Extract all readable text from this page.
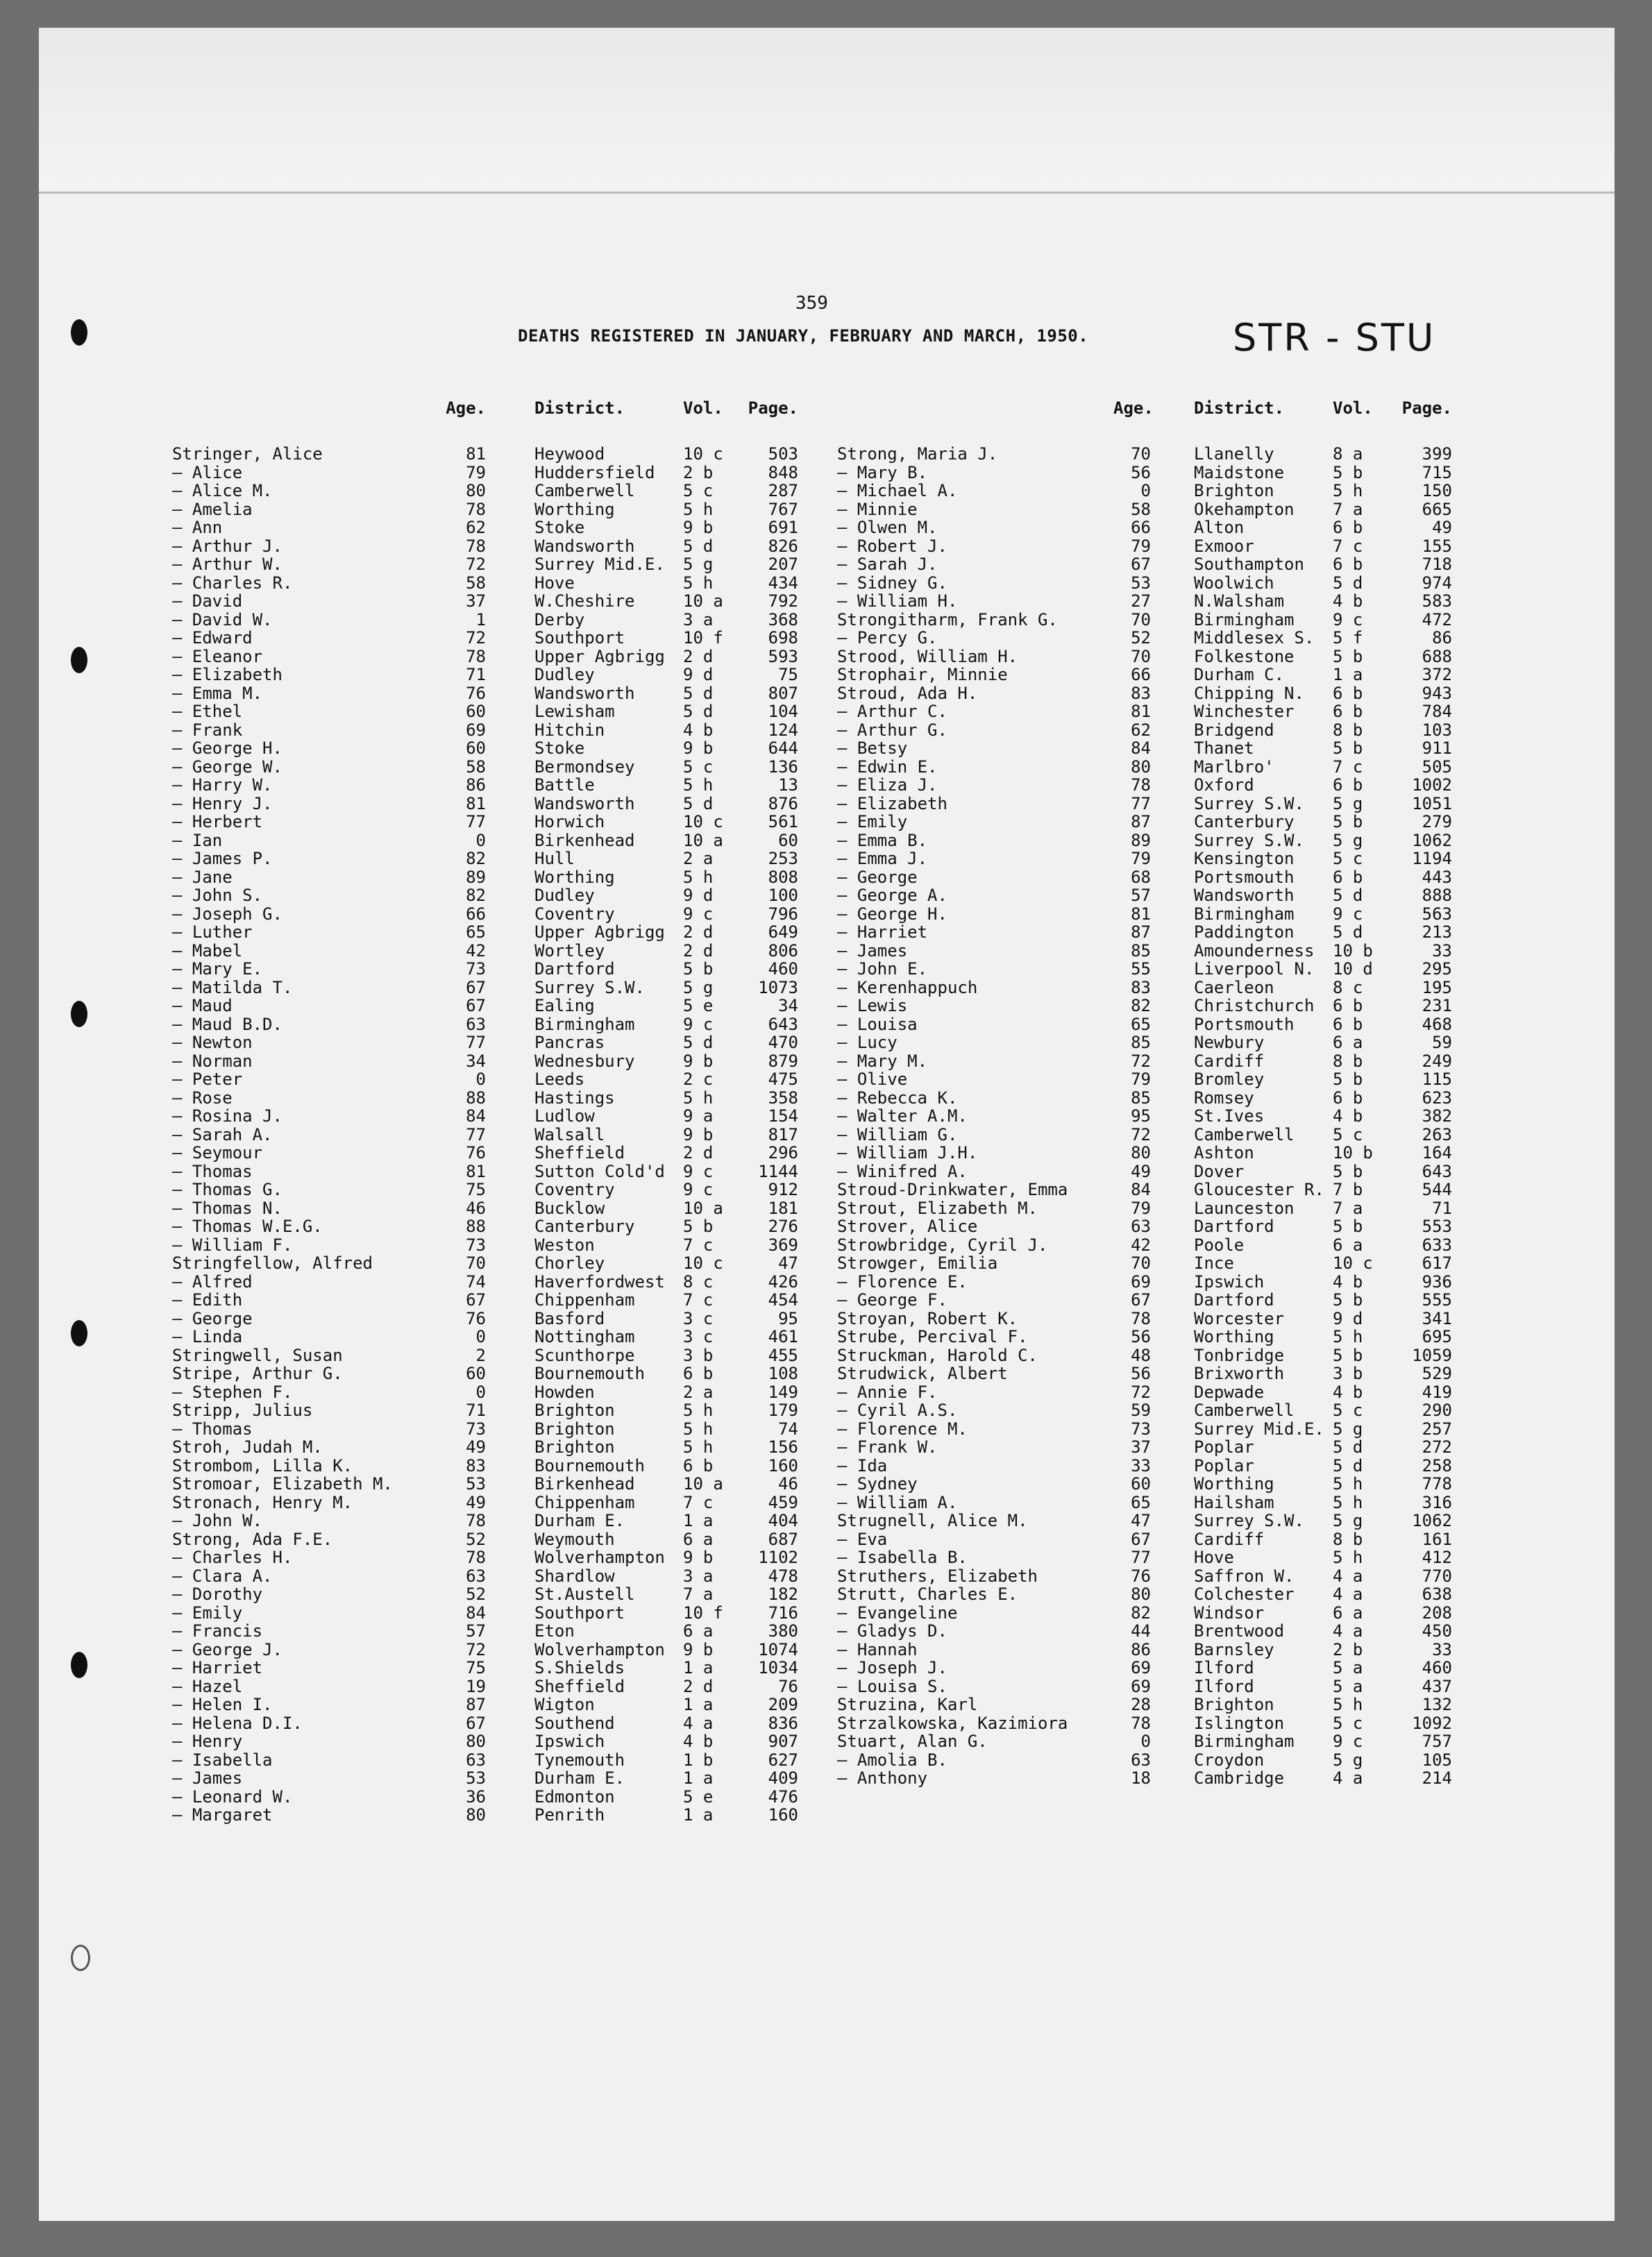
359
DEATHS REGISTERED IN JANUARY, FEBRUARY AND MARCH, 1950.	STR - STU
Age.	District.	Vol.	Page.
Stringer, Alice	81	Heywood	10 c	503
— Alice	79	Huddersfield	2 b	848
— Alice M.	80	Camberwell	5 c	287
— Amelia	78	Worthing	5 h	767
— Ann	62	Stoke	9 b	691
— Arthur J.	78	Wandsworth	5 d	826
— Arthur W.	72	Surrey Mid.E.	5 g	207
— Charles R.	58	Hove	5 h	434
— David	37	W.Cheshire	10 a	792
— David W.	1	Derby	3 a	368
— Edward	72	Southport	10 f	698
— Eleanor	78	Upper Agbrigg	2 d	593
— Elizabeth	71	Dudley	9 d	75
— Emma M.	76	Wandsworth	5 d	807
— Ethel	60	Lewisham	5 d	104
— Frank	69	Hitchin	4 b	124
— George H.	60	Stoke	9 b	644
— George W.	58	Bermondsey	5 c	136
— Harry W.	86	Battle	5 h	13
— Henry J.	81	Wandsworth	5 d	876
— Herbert	77	Horwich	10 c	561
— Ian	0	Birkenhead	10 a	60
— James P.	82	Hull	2 a	253
— Jane	89	Worthing	5 h	808
— John S.	82	Dudley	9 d	100
— Joseph G.	66	Coventry	9 c	796
— Luther	65	Upper Agbrigg	2 d	649
— Mabel	42	Wortley	2 d	806
— Mary E.	73	Dartford	5 b	460
— Matilda T.	67	Surrey S.W.	5 g	1073
— Maud	67	Ealing	5 e	34
— Maud B.D.	63	Birmingham	9 c	643
— Newton	77	Pancras	5 d	470
— Norman	34	Wednesbury	9 b	879
— Peter	0	Leeds	2 c	475
— Rose	88	Hastings	5 h	358
— Rosina J.	84	Ludlow	9 a	154
— Sarah A.	77	Walsall	9 b	817
— Seymour	76	Sheffield	2 d	296
— Thomas	81	Sutton Cold'd	9 c	1144
— Thomas G.	75	Coventry	9 c	912
— Thomas N.	46	Bucklow	10 a	181
— Thomas W.E.G.	88	Canterbury	5 b	276
— William F.	73	Weston	7 c	369
Stringfellow, Alfred	70	Chorley	10 c	47
— Alfred	74	Haverfordwest	8 c	426
— Edith	67	Chippenham	7 c	454
— George	76	Basford	3 c	95
— Linda	0	Nottingham	3 c	461
Stringwell, Susan	2	Scunthorpe	3 b	455
Stripe, Arthur G.	60	Bournemouth	6 b	108
— Stephen F.	0	Howden	2 a	149
Stripp, Julius	71	Brighton	5 h	179
— Thomas	73	Brighton	5 h	74
Stroh, Judah M.	49	Brighton	5 h	156
Strombom, Lilla K.	83	Bournemouth	6 b	160
Stromoar, Elizabeth M.	53	Birkenhead	10 a	46
Stronach, Henry M.	49	Chippenham	7 c	459
— John W.	78	Durham E.	1 a	404
Strong, Ada F.E.	52	Weymouth	6 a	687
— Charles H.	78	Wolverhampton	9 b	1102
— Clara A.	63	Shardlow	3 a	478
— Dorothy	52	St.Austell	7 a	182
— Emily	84	Southport	10 f	716
— Francis	57	Eton	6 a	380
— George J.	72	Wolverhampton	9 b	1074
— Harriet	75	S.Shields	1 a	1034
— Hazel	19	Sheffield	2 d	76
— Helen I.	87	Wigton	1 a	209
— Helena D.I.	67	Southend	4 a	836
— Henry	80	Ipswich	4 b	907
— Isabella	63	Tynemouth	1 b	627
— James	53	Durham E.	1 a	409
— Leonard W.	36	Edmonton	5 e	476
— Margaret	80	Penrith	1 a	160
Age. District.	Vol.	Page.
Strong, Maria J.	70	Llanelly	8 a	399
— Mary B.	56	Maidstone	5 b	715
— Michael A.	0	Brighton	5 h	150
— Minnie	58	Okehampton	7 a	665
— Olwen M.	66	Alton	6 b	49
— Robert J.	79	Exmoor	7 c	155
— Sarah J.	67	Southampton	6 b	718
— Sidney G.	53	Woolwich	5 d	974
— William H.	27	N.Walsham	4 b	583
Strongitharm, Frank G.	70	Birmingham	9 c	472
— Percy G.	52	Middlesex S.	5 f	86
Strood, William H.	70	Folkestone	5 b	688
Strophair, Minnie	66	Durham C.	1 a	372
Stroud, Ada H.	83	Chipping N.	6 b	943
— Arthur C.	81	Winchester	6 b	784
— Arthur G.	62	Bridgend	8 b	103
— Betsy	84	Thanet	5 b	911
— Edwin E.	80	Marlbro'	7 c	505
— Eliza J.	78	Oxford	6 b	1002
— Elizabeth	77	Surrey S.W.	5 g	1051
— Emily	87	Canterbury	5 b	279
— Emma B.	89	Surrey S.W.	5 g	1062
— Emma J.	79	Kensington	5 c	1194
— George	68	Portsmouth	6 b	443
— George A.	57	Wandsworth	5 d	888
— George H.	81	Birmingham	9 c	563
— Harriet	87	Paddington	5 d	213
— James	85	Amounderness	10 b	33
— John E.	55	Liverpool N.	10 d	295
— Kerenhappuch	83	Caerleon	8 c	195
— Lewis	82	Christchurch	6 b	231
— Louisa	65	Portsmouth	6 b	468
— Lucy	85	Newbury	6 a	59
— Mary M.	72	Cardiff	8 b	249
— Olive	79	Bromley	5 b	115
— Rebecca K.	85	Romsey	6 b	623
— Walter A.M.	95	St.Ives	4 b	382
— William G.	72	Camberwell	5 c	263
— William J.H.	80	Ashton	10 b	164
— Winifred A.	49	Dover	5 b	643
Stroud-Drinkwater, Emma	84	Gloucester R. 7 b	544
Strout, Elizabeth M.	79	Launceston	7 a	71
Strover, Alice	63	Dartford	5 b	553
Strowbridge, Cyril J.	42	Poole	6 a	633
Strowger, Emilia	70	Ince	10 c	617
— Florence E.	69	Ipswich	4 b	936
— George F.	67	Dartford	5 b	555
Stroyan, Robert K.	78	Worcester	9 d	341
Strube, Percival F.	56	Worthing	5 h	695
Struckman, Harold C.	48	Tonbridge	5 b	1059
Strudwick, Albert	56	Brixworth	3 b	529
— Annie F.	72	Depwade	4 b	419
— Cyril A.S.	59	Camberwell	5 c	290
— Florence M.	73	Surrey Mid.E. 5 g	257
— Frank W.	37	Poplar	5 d	272
— Ida	33	Poplar	5 d	258
— Sydney	60	Worthing	5 h	778
— William A.	65	Hailsham	5 h	316
Strugnell, Alice M.	47	Surrey S.W.	5 g	1062
— Eva	67	Cardiff	8 b	161
— Isabella B.	77	Hove	5 h	412
Struthers, Elizabeth	76	Saffron W.	4 a	770
Strutt, Charles E.	80	Colchester	4 a	638
— Evangeline	82	Windsor	6 a	208
— Gladys D.	44	Brentwood	4 a	450
— Hannah	86	Barnsley	2 b	33
— Joseph J.	69	Ilford	5 a	460
— Louisa S.	69	Ilford	5 a	437
Struzina, Karl	28	Brighton	5 h	132
Strzalkowska, Kazimiora	78	Islington	5 c	1092
Stuart, Alan G.	0	Birmingham	9 c	757
— Amolia B.	63	Croydon	5 g	105
— Anthony	18	Cambridge	4 a	214
